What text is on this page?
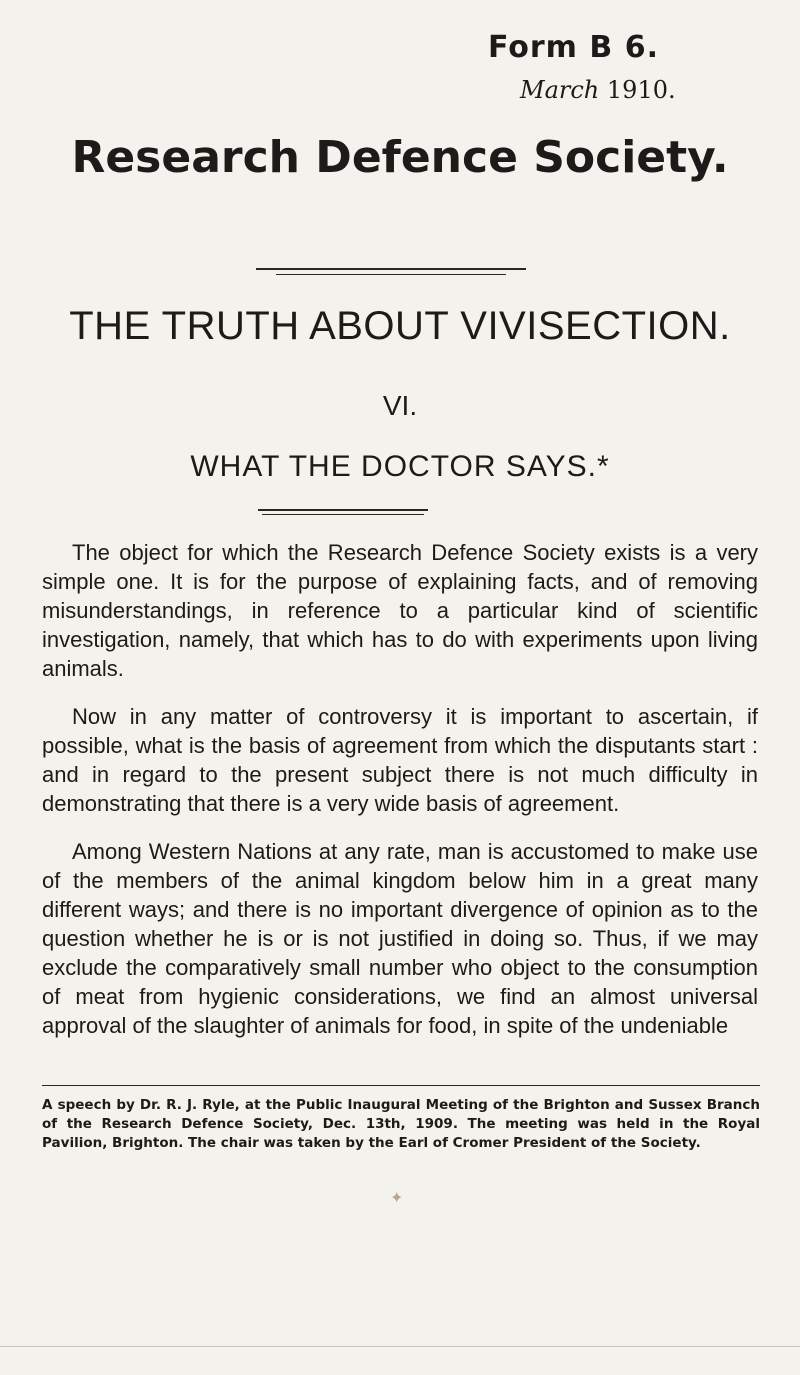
Form B 6.
March 1910.
Research Defence Society.
THE TRUTH ABOUT VIVISECTION.
VI.
WHAT THE DOCTOR SAYS.*

The object for which the Research Defence Society exists is a very simple one. It is for the purpose of explaining facts, and of removing misunderstandings, in reference to a particular kind of scientific investigation, namely, that which has to do with experiments upon living animals.

Now in any matter of controversy it is important to ascertain, if possible, what is the basis of agreement from which the disputants start : and in regard to the present subject there is not much difficulty in demonstrating that there is a very wide basis of agreement.

Among Western Nations at any rate, man is accustomed to make use of the members of the animal kingdom below him in a great many different ways; and there is no important divergence of opinion as to the question whether he is or is not justified in doing so. Thus, if we may exclude the comparatively small number who object to the consumption of meat from hygienic considerations, we find an almost universal approval of the slaughter of animals for food, in spite of the undeniable

A speech by Dr. R. J. Ryle, at the Public Inaugural Meeting of the Brighton and Sussex Branch of the Research Defence Society, Dec. 13th, 1909. The meeting was held in the Royal Pavilion, Brighton. The chair was taken by the Earl of Cromer President of the Society.
✦
